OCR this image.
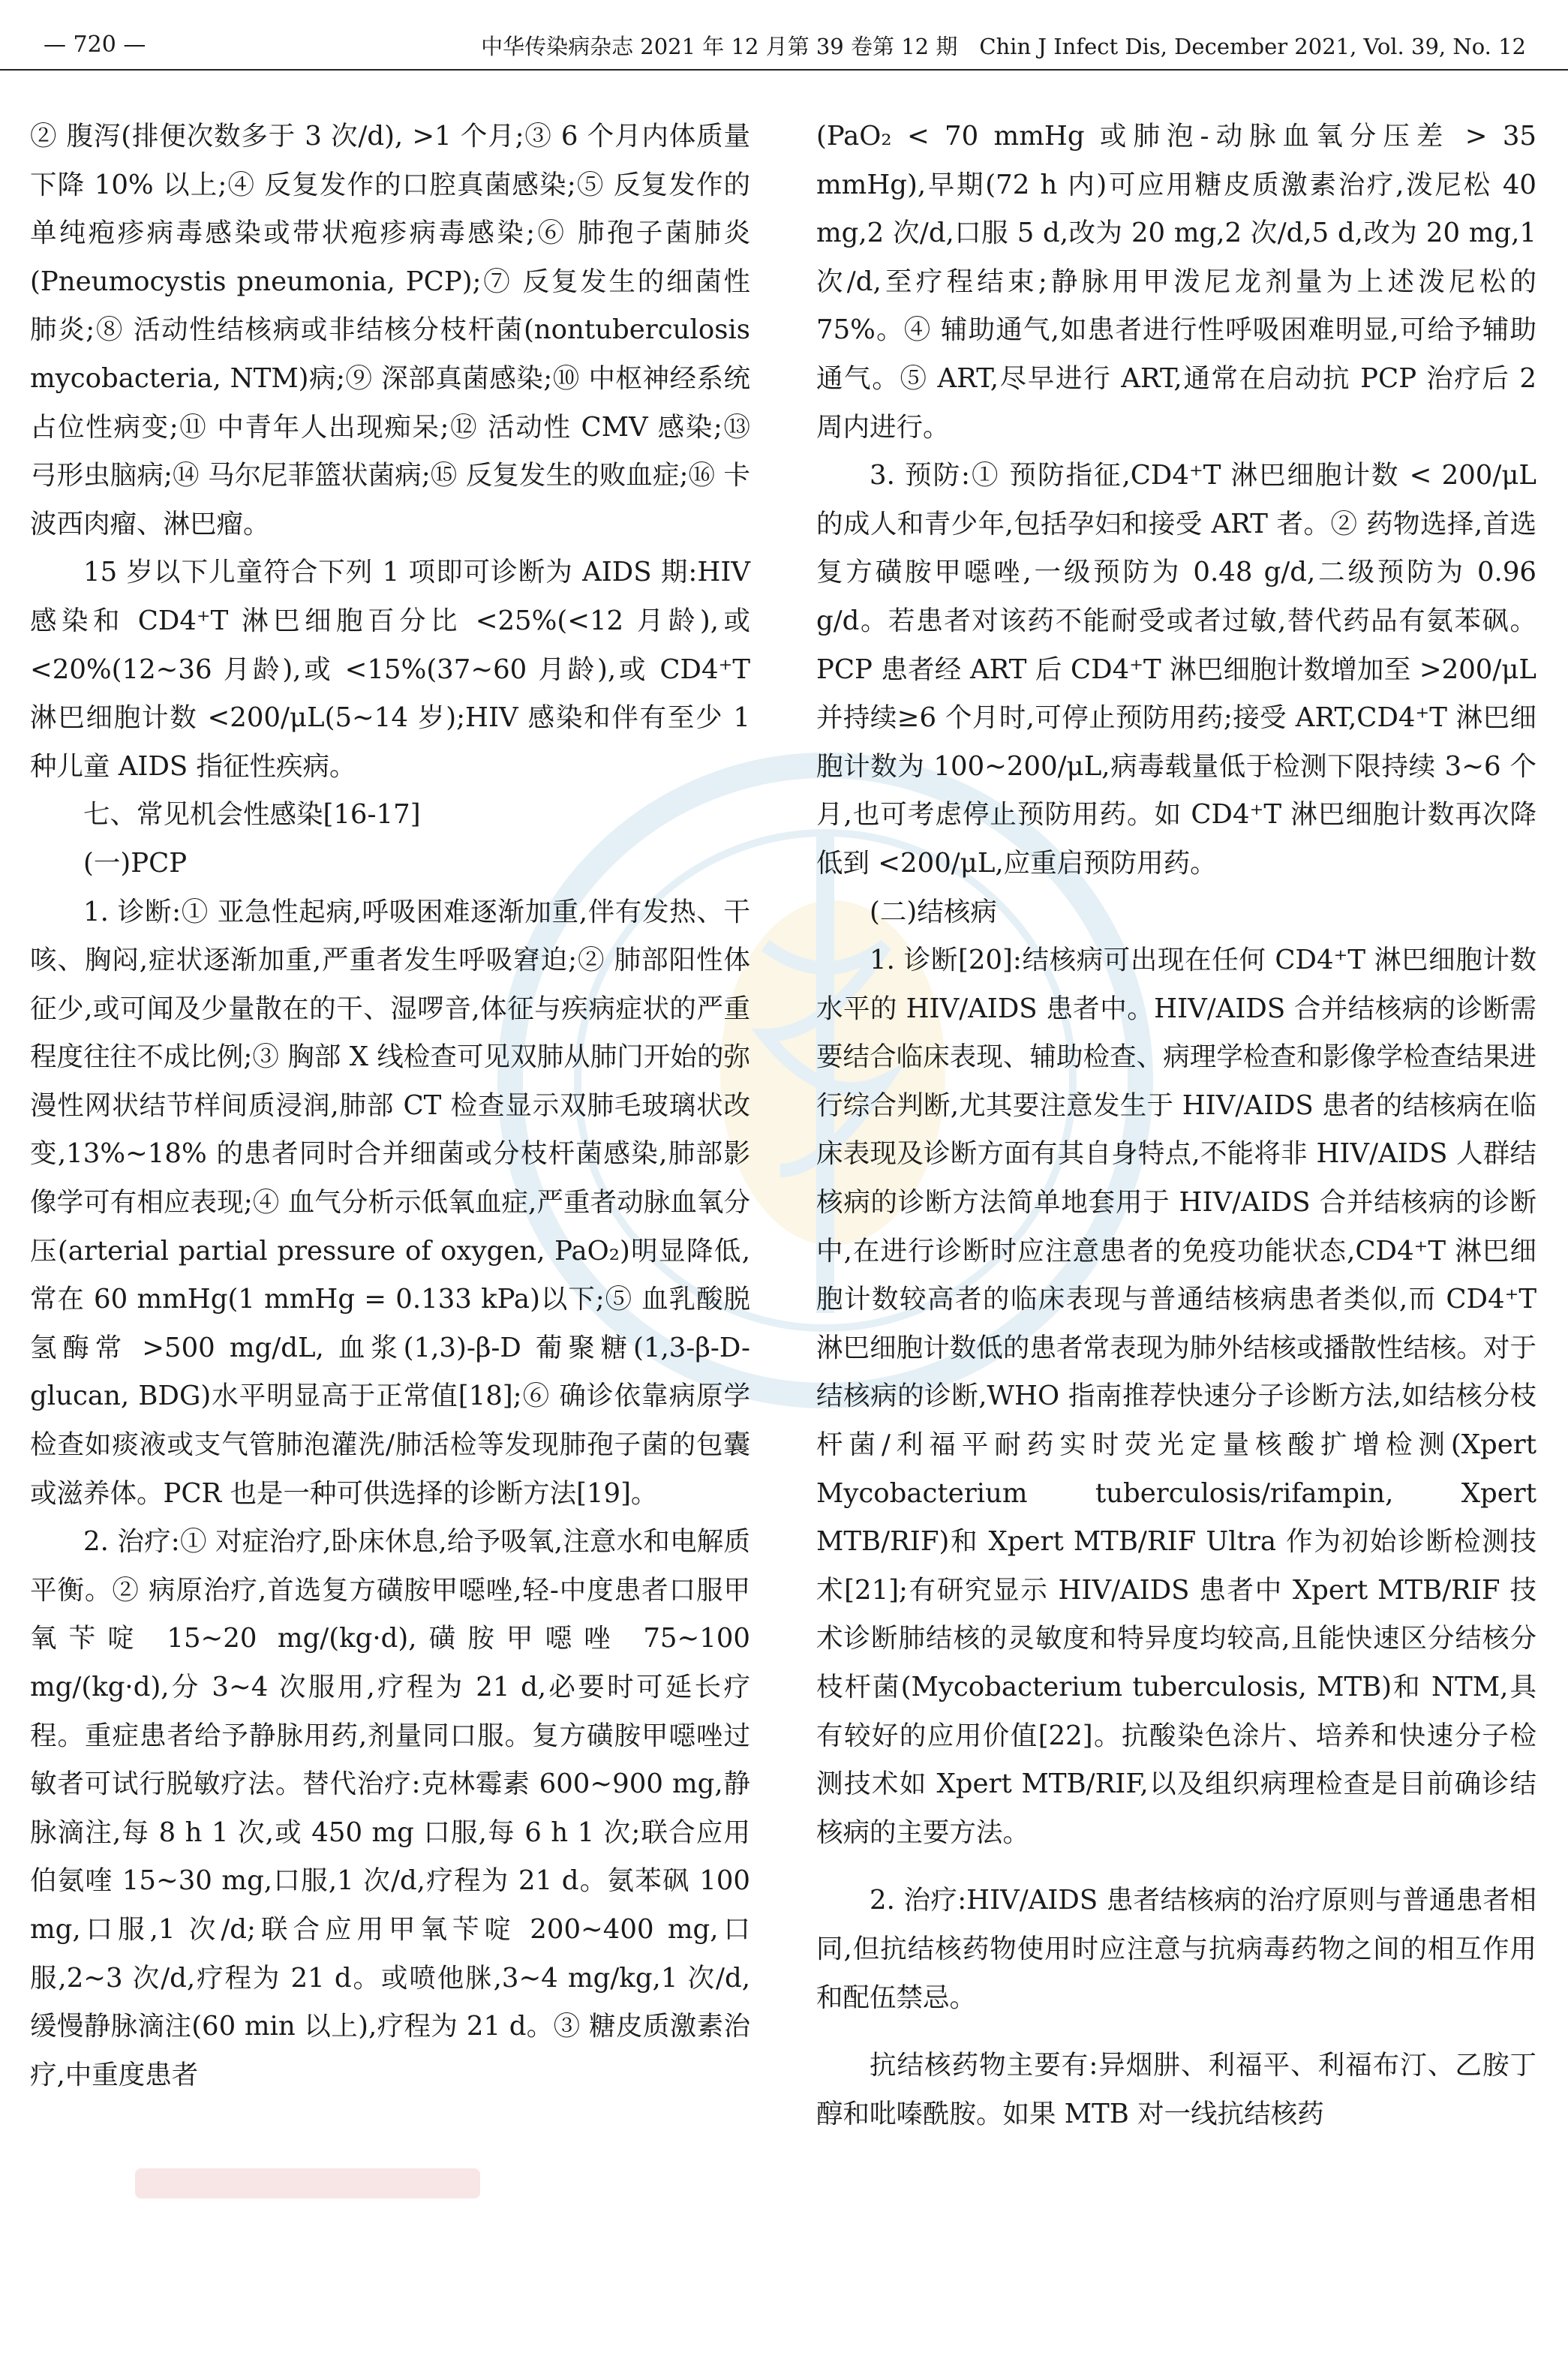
— 720 —	中华传染病杂志 2021 年 12 月第 39 卷第 12 期　Chin J Infect Dis, December 2021, Vol. 39, No. 12

② 腹泻(排便次数多于 3 次/d), >1 个月;③ 6 个月内体质量下降 10% 以上;④ 反复发作的口腔真菌感染;⑤ 反复发作的单纯疱疹病毒感染或带状疱疹病毒感染;⑥ 肺孢子菌肺炎(Pneumocystis pneumonia, PCP);⑦ 反复发生的细菌性肺炎;⑧ 活动性结核病或非结核分枝杆菌(nontuberculosis mycobacteria, NTM)病;⑨ 深部真菌感染;⑩ 中枢神经系统占位性病变;⑪ 中青年人出现痴呆;⑫ 活动性 CMV 感染;⑬ 弓形虫脑病;⑭ 马尔尼菲篮状菌病;⑮ 反复发生的败血症;⑯ 卡波西肉瘤、淋巴瘤。

15 岁以下儿童符合下列 1 项即可诊断为 AIDS 期:HIV 感染和 CD4⁺T 淋巴细胞百分比 <25%(<12 月龄),或 <20%(12~36 月龄),或 <15%(37~60 月龄),或 CD4⁺T 淋巴细胞计数 <200/μL(5~14 岁);HIV 感染和伴有至少 1 种儿童 AIDS 指征性疾病。

七、常见机会性感染[16-17]
(一)PCP

1. 诊断:① 亚急性起病,呼吸困难逐渐加重,伴有发热、干咳、胸闷,症状逐渐加重,严重者发生呼吸窘迫;② 肺部阳性体征少,或可闻及少量散在的干、湿啰音,体征与疾病症状的严重程度往往不成比例;③ 胸部 X 线检查可见双肺从肺门开始的弥漫性网状结节样间质浸润,肺部 CT 检查显示双肺毛玻璃状改变,13%~18% 的患者同时合并细菌或分枝杆菌感染,肺部影像学可有相应表现;④ 血气分析示低氧血症,严重者动脉血氧分压(arterial partial pressure of oxygen, PaO₂)明显降低,常在 60 mmHg(1 mmHg = 0.133 kPa)以下;⑤ 血乳酸脱氢酶常 >500 mg/dL, 血浆(1,3)-β-D 葡聚糖(1,3-β-D-glucan, BDG)水平明显高于正常值[18];⑥ 确诊依靠病原学检查如痰液或支气管肺泡灌洗/肺活检等发现肺孢子菌的包囊或滋养体。PCR 也是一种可供选择的诊断方法[19]。

2. 治疗:① 对症治疗,卧床休息,给予吸氧,注意水和电解质平衡。② 病原治疗,首选复方磺胺甲噁唑,轻-中度患者口服甲氧苄啶 15~20 mg/(kg·d),磺胺甲噁唑 75~100 mg/(kg·d),分 3~4 次服用,疗程为 21 d,必要时可延长疗程。重症患者给予静脉用药,剂量同口服。复方磺胺甲噁唑过敏者可试行脱敏疗法。替代治疗:克林霉素 600~900 mg,静脉滴注,每 8 h 1 次,或 450 mg 口服,每 6 h 1 次;联合应用伯氨喹 15~30 mg,口服,1 次/d,疗程为 21 d。氨苯砜 100 mg,口服,1 次/d;联合应用甲氧苄啶 200~400 mg,口服,2~3 次/d,疗程为 21 d。或喷他脒,3~4 mg/kg,1 次/d,缓慢静脉滴注(60 min 以上),疗程为 21 d。③ 糖皮质激素治疗,中重度患者

(PaO₂ < 70 mmHg 或肺泡-动脉血氧分压差 > 35 mmHg),早期(72 h 内)可应用糖皮质激素治疗,泼尼松 40 mg,2 次/d,口服 5 d,改为 20 mg,2 次/d,5 d,改为 20 mg,1 次/d,至疗程结束;静脉用甲泼尼龙剂量为上述泼尼松的 75%。④ 辅助通气,如患者进行性呼吸困难明显,可给予辅助通气。⑤ ART,尽早进行 ART,通常在启动抗 PCP 治疗后 2 周内进行。

3. 预防:① 预防指征,CD4⁺T 淋巴细胞计数 < 200/μL 的成人和青少年,包括孕妇和接受 ART 者。② 药物选择,首选复方磺胺甲噁唑,一级预防为 0.48 g/d,二级预防为 0.96 g/d。若患者对该药不能耐受或者过敏,替代药品有氨苯砜。PCP 患者经 ART 后 CD4⁺T 淋巴细胞计数增加至 >200/μL 并持续≥6 个月时,可停止预防用药;接受 ART,CD4⁺T 淋巴细胞计数为 100~200/μL,病毒载量低于检测下限持续 3~6 个月,也可考虑停止预防用药。如 CD4⁺T 淋巴细胞计数再次降低到 <200/μL,应重启预防用药。

(二)结核病

1. 诊断[20]:结核病可出现在任何 CD4⁺T 淋巴细胞计数水平的 HIV/AIDS 患者中。HIV/AIDS 合并结核病的诊断需要结合临床表现、辅助检查、病理学检查和影像学检查结果进行综合判断,尤其要注意发生于 HIV/AIDS 患者的结核病在临床表现及诊断方面有其自身特点,不能将非 HIV/AIDS 人群结核病的诊断方法简单地套用于 HIV/AIDS 合并结核病的诊断中,在进行诊断时应注意患者的免疫功能状态,CD4⁺T 淋巴细胞计数较高者的临床表现与普通结核病患者类似,而 CD4⁺T 淋巴细胞计数低的患者常表现为肺外结核或播散性结核。对于结核病的诊断,WHO 指南推荐快速分子诊断方法,如结核分枝杆菌/利福平耐药实时荧光定量核酸扩增检测(Xpert Mycobacterium tuberculosis/rifampin, Xpert MTB/RIF)和 Xpert MTB/RIF Ultra 作为初始诊断检测技术[21];有研究显示 HIV/AIDS 患者中 Xpert MTB/RIF 技术诊断肺结核的灵敏度和特异度均较高,且能快速区分结核分枝杆菌(Mycobacterium tuberculosis, MTB)和 NTM,具有较好的应用价值[22]。抗酸染色涂片、培养和快速分子检测技术如 Xpert MTB/RIF,以及组织病理检查是目前确诊结核病的主要方法。

2. 治疗:HIV/AIDS 患者结核病的治疗原则与普通患者相同,但抗结核药物使用时应注意与抗病毒药物之间的相互作用和配伍禁忌。

抗结核药物主要有:异烟肼、利福平、利福布汀、乙胺丁醇和吡嗪酰胺。如果 MTB 对一线抗结核药
